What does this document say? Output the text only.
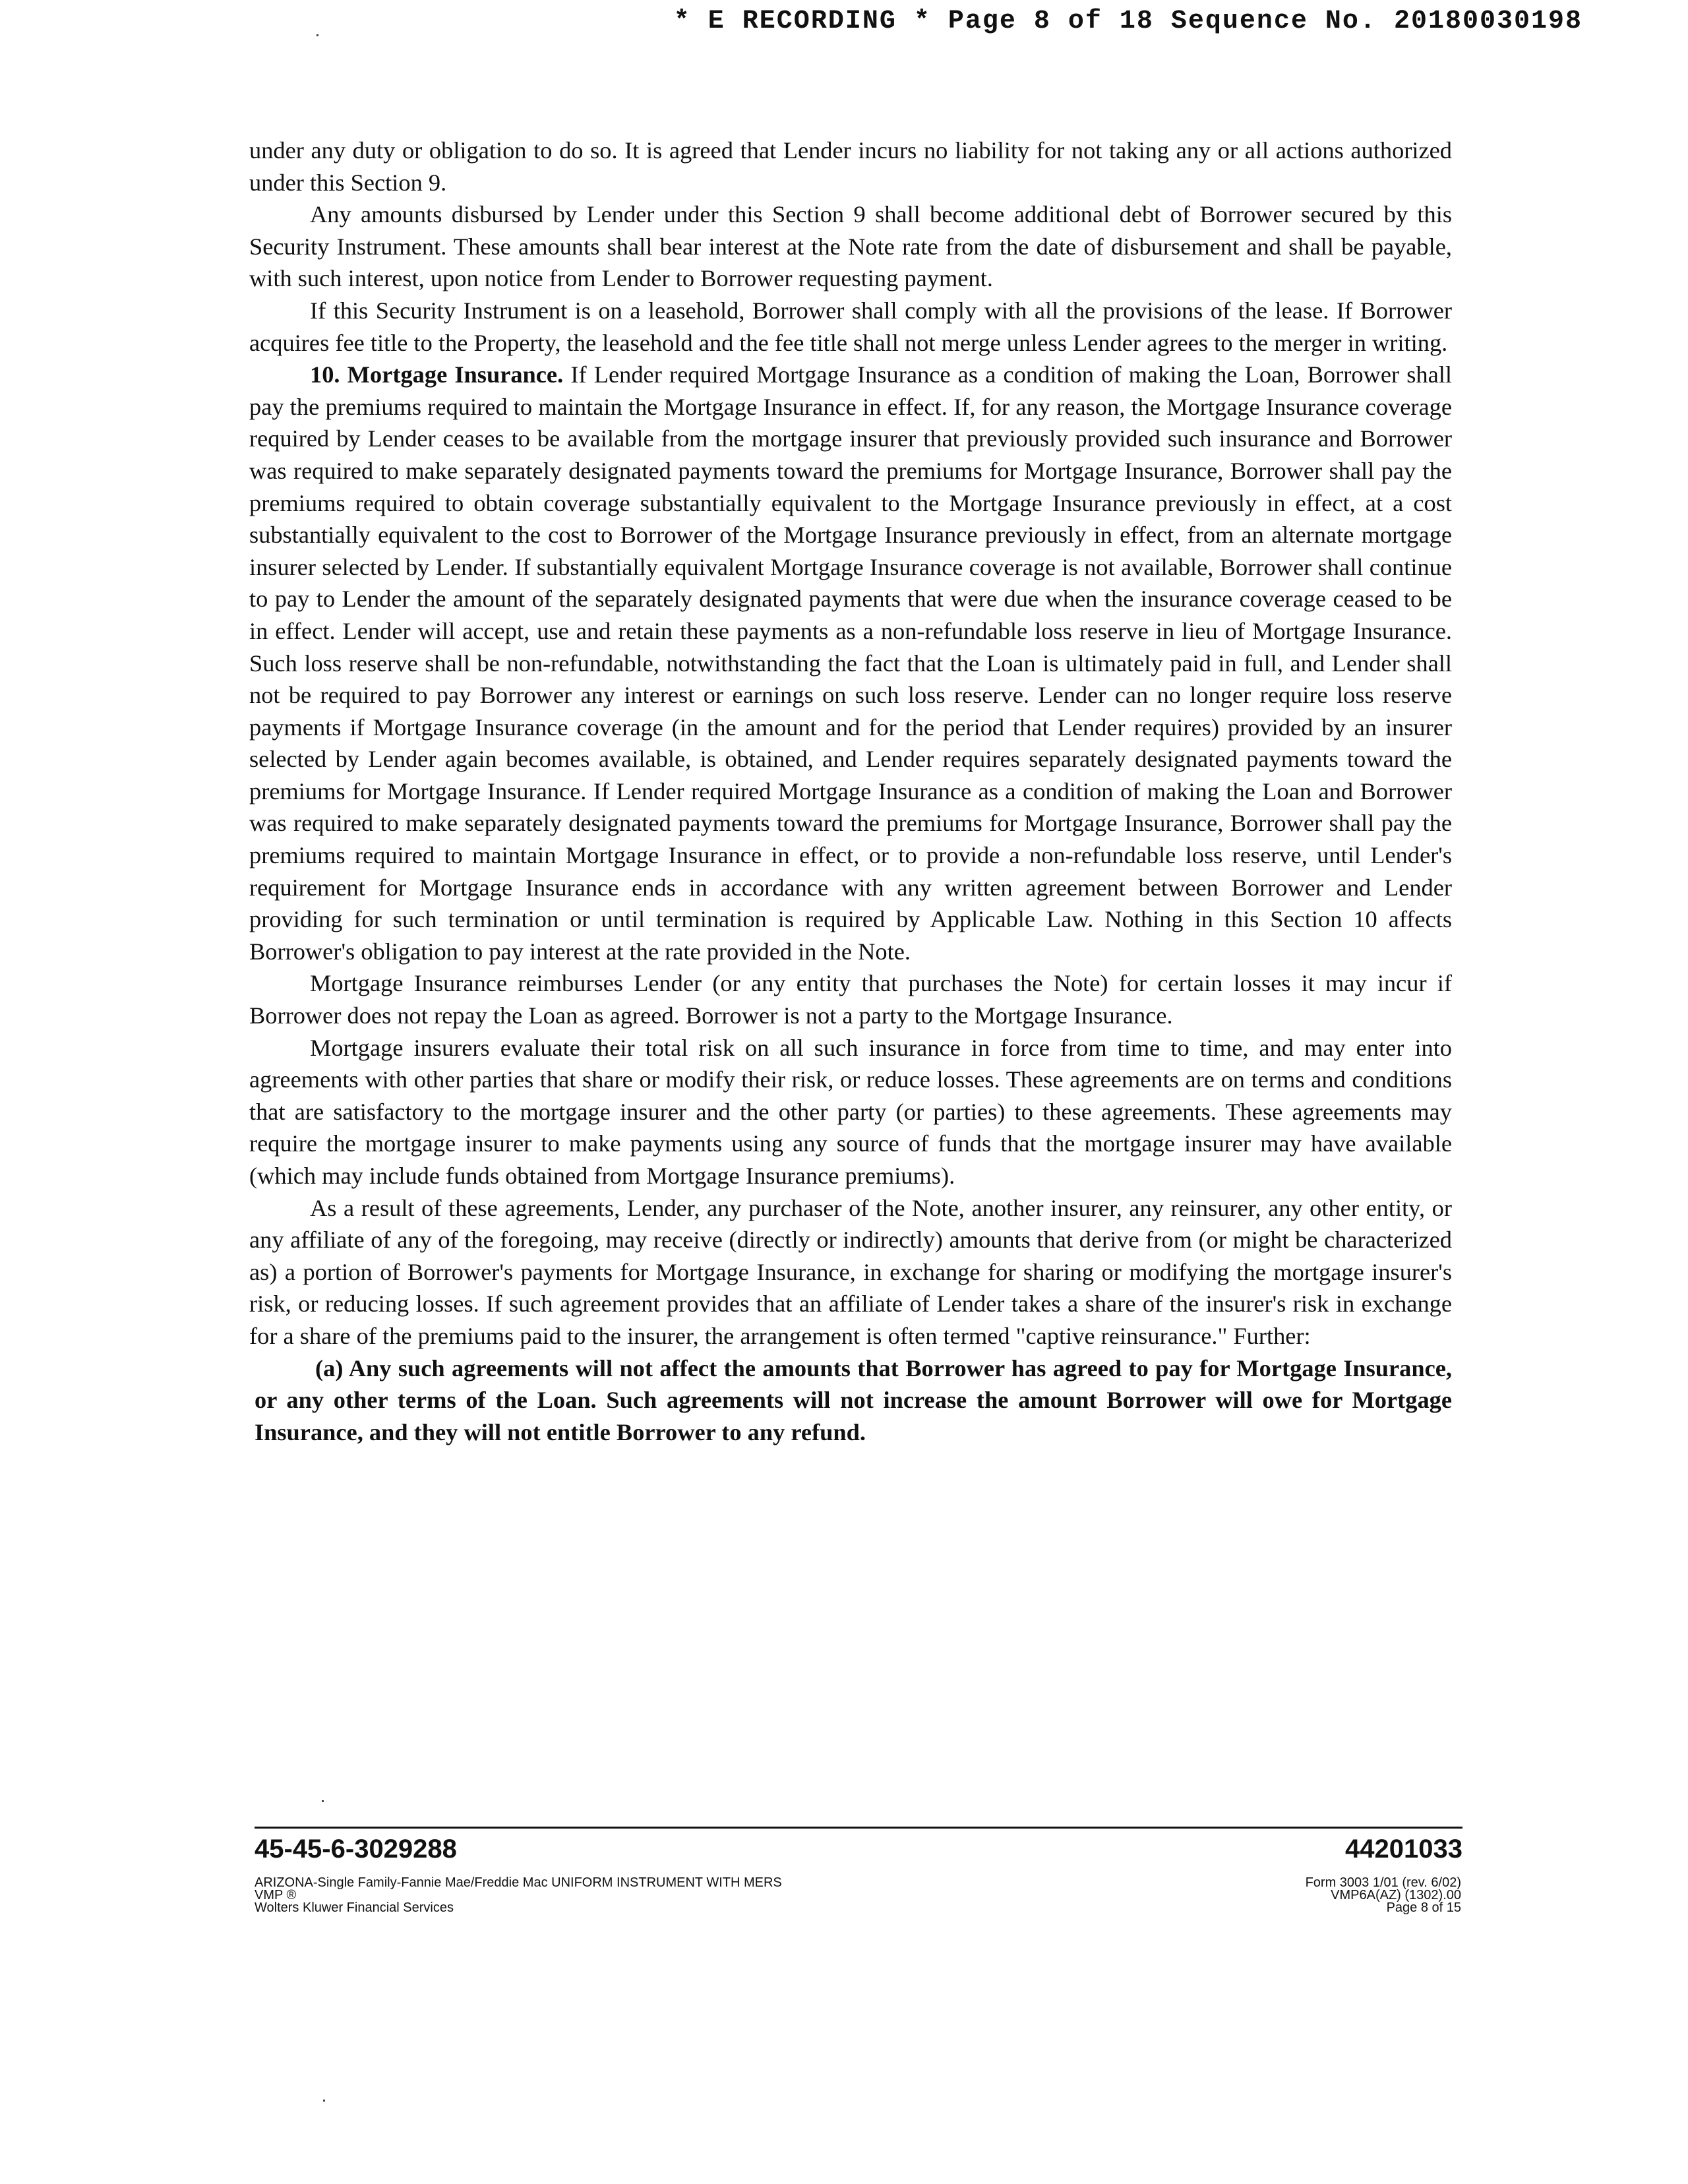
* E RECORDING * Page 8 of 18 Sequence No. 20180030198

under any duty or obligation to do so. It is agreed that Lender incurs no liability for not taking any or all actions authorized under this Section 9.

Any amounts disbursed by Lender under this Section 9 shall become additional debt of Borrower secured by this Security Instrument. These amounts shall bear interest at the Note rate from the date of disbursement and shall be payable, with such interest, upon notice from Lender to Borrower requesting payment.

If this Security Instrument is on a leasehold, Borrower shall comply with all the provisions of the lease. If Borrower acquires fee title to the Property, the leasehold and the fee title shall not merge unless Lender agrees to the merger in writing.

10. Mortgage Insurance. If Lender required Mortgage Insurance as a condition of making the Loan, Borrower shall pay the premiums required to maintain the Mortgage Insurance in effect. If, for any reason, the Mortgage Insurance coverage required by Lender ceases to be available from the mortgage insurer that previously provided such insurance and Borrower was required to make separately designated payments toward the premiums for Mortgage Insurance, Borrower shall pay the premiums required to obtain coverage substantially equivalent to the Mortgage Insurance previously in effect, at a cost substantially equivalent to the cost to Borrower of the Mortgage Insurance previously in effect, from an alternate mortgage insurer selected by Lender. If substantially equivalent Mortgage Insurance coverage is not available, Borrower shall continue to pay to Lender the amount of the separately designated payments that were due when the insurance coverage ceased to be in effect. Lender will accept, use and retain these payments as a non-refundable loss reserve in lieu of Mortgage Insurance. Such loss reserve shall be non-refundable, notwithstanding the fact that the Loan is ultimately paid in full, and Lender shall not be required to pay Borrower any interest or earnings on such loss reserve. Lender can no longer require loss reserve payments if Mortgage Insurance coverage (in the amount and for the period that Lender requires) provided by an insurer selected by Lender again becomes available, is obtained, and Lender requires separately designated payments toward the premiums for Mortgage Insurance. If Lender required Mortgage Insurance as a condition of making the Loan and Borrower was required to make separately designated payments toward the premiums for Mortgage Insurance, Borrower shall pay the premiums required to maintain Mortgage Insurance in effect, or to provide a non-refundable loss reserve, until Lender's requirement for Mortgage Insurance ends in accordance with any written agreement between Borrower and Lender providing for such termination or until termination is required by Applicable Law. Nothing in this Section 10 affects Borrower's obligation to pay interest at the rate provided in the Note.

Mortgage Insurance reimburses Lender (or any entity that purchases the Note) for certain losses it may incur if Borrower does not repay the Loan as agreed. Borrower is not a party to the Mortgage Insurance.

Mortgage insurers evaluate their total risk on all such insurance in force from time to time, and may enter into agreements with other parties that share or modify their risk, or reduce losses. These agreements are on terms and conditions that are satisfactory to the mortgage insurer and the other party (or parties) to these agreements. These agreements may require the mortgage insurer to make payments using any source of funds that the mortgage insurer may have available (which may include funds obtained from Mortgage Insurance premiums).

As a result of these agreements, Lender, any purchaser of the Note, another insurer, any reinsurer, any other entity, or any affiliate of any of the foregoing, may receive (directly or indirectly) amounts that derive from (or might be characterized as) a portion of Borrower's payments for Mortgage Insurance, in exchange for sharing or modifying the mortgage insurer's risk, or reducing losses. If such agreement provides that an affiliate of Lender takes a share of the insurer's risk in exchange for a share of the premiums paid to the insurer, the arrangement is often termed "captive reinsurance." Further:

(a) Any such agreements will not affect the amounts that Borrower has agreed to pay for Mortgage Insurance, or any other terms of the Loan. Such agreements will not increase the amount Borrower will owe for Mortgage Insurance, and they will not entitle Borrower to any refund.

45-45-6-3029288	44201033
ARIZONA-Single Family-Fannie Mae/Freddie Mac UNIFORM INSTRUMENT WITH MERS
VMP ®
Wolters Kluwer Financial Services
Form 3003 1/01 (rev. 6/02)
VMP6A(AZ) (1302).00
Page 8 of 15
